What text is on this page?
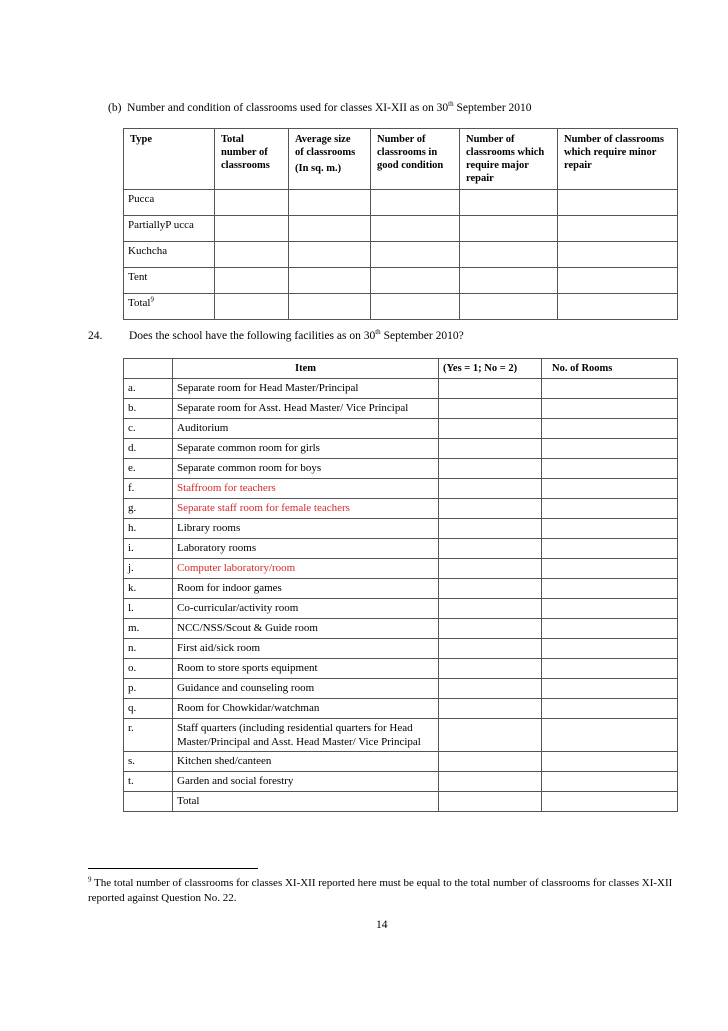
(b) Number and condition of classrooms used for classes XI-XII as on 30th September 2010
Type	Total number of classrooms	Average size
of classrooms
(In sq. m.)	Number of classrooms in good condition	Number of classrooms which require major repair	Number of classrooms which require minor repair
Pucca					
PartiallyP ucca					
Kuchcha					
Tent					
Total$^9$					
24. Does the school have the following facilities as on 30th September 2010?
	Item	(Yes = 1; No = 2)	No. of Rooms
a.	Separate room for Head Master/Principal		
b.	Separate room for Asst. Head Master/ Vice Principal		
c.	Auditorium		
d.	Separate common room for girls		
e.	Separate common room for boys		
f.	Staffroom for teachers		
g.	Separate staff room for female teachers		
h.	Library rooms		
i.	Laboratory rooms		
j.	Computer laboratory/room		
k.	Room for indoor games		
l.	Co-curricular/activity room		
m.	NCC/NSS/Scout & Guide room		
n.	First aid/sick room		
o.	Room to store sports equipment		
p.	Guidance and counseling room		
q.	Room for Chowkidar/watchman		
r.	Staff quarters (including residential quarters for Head Master/Principal and Asst. Head Master/ Vice Principal		
s.	Kitchen shed/canteen		
t.	Garden and social forestry		
	Total		
$^9$ The total number of classrooms for classes XI-XII reported here must be equal to the total number of classrooms for classes XI-XII reported against Question No. 22.
14
